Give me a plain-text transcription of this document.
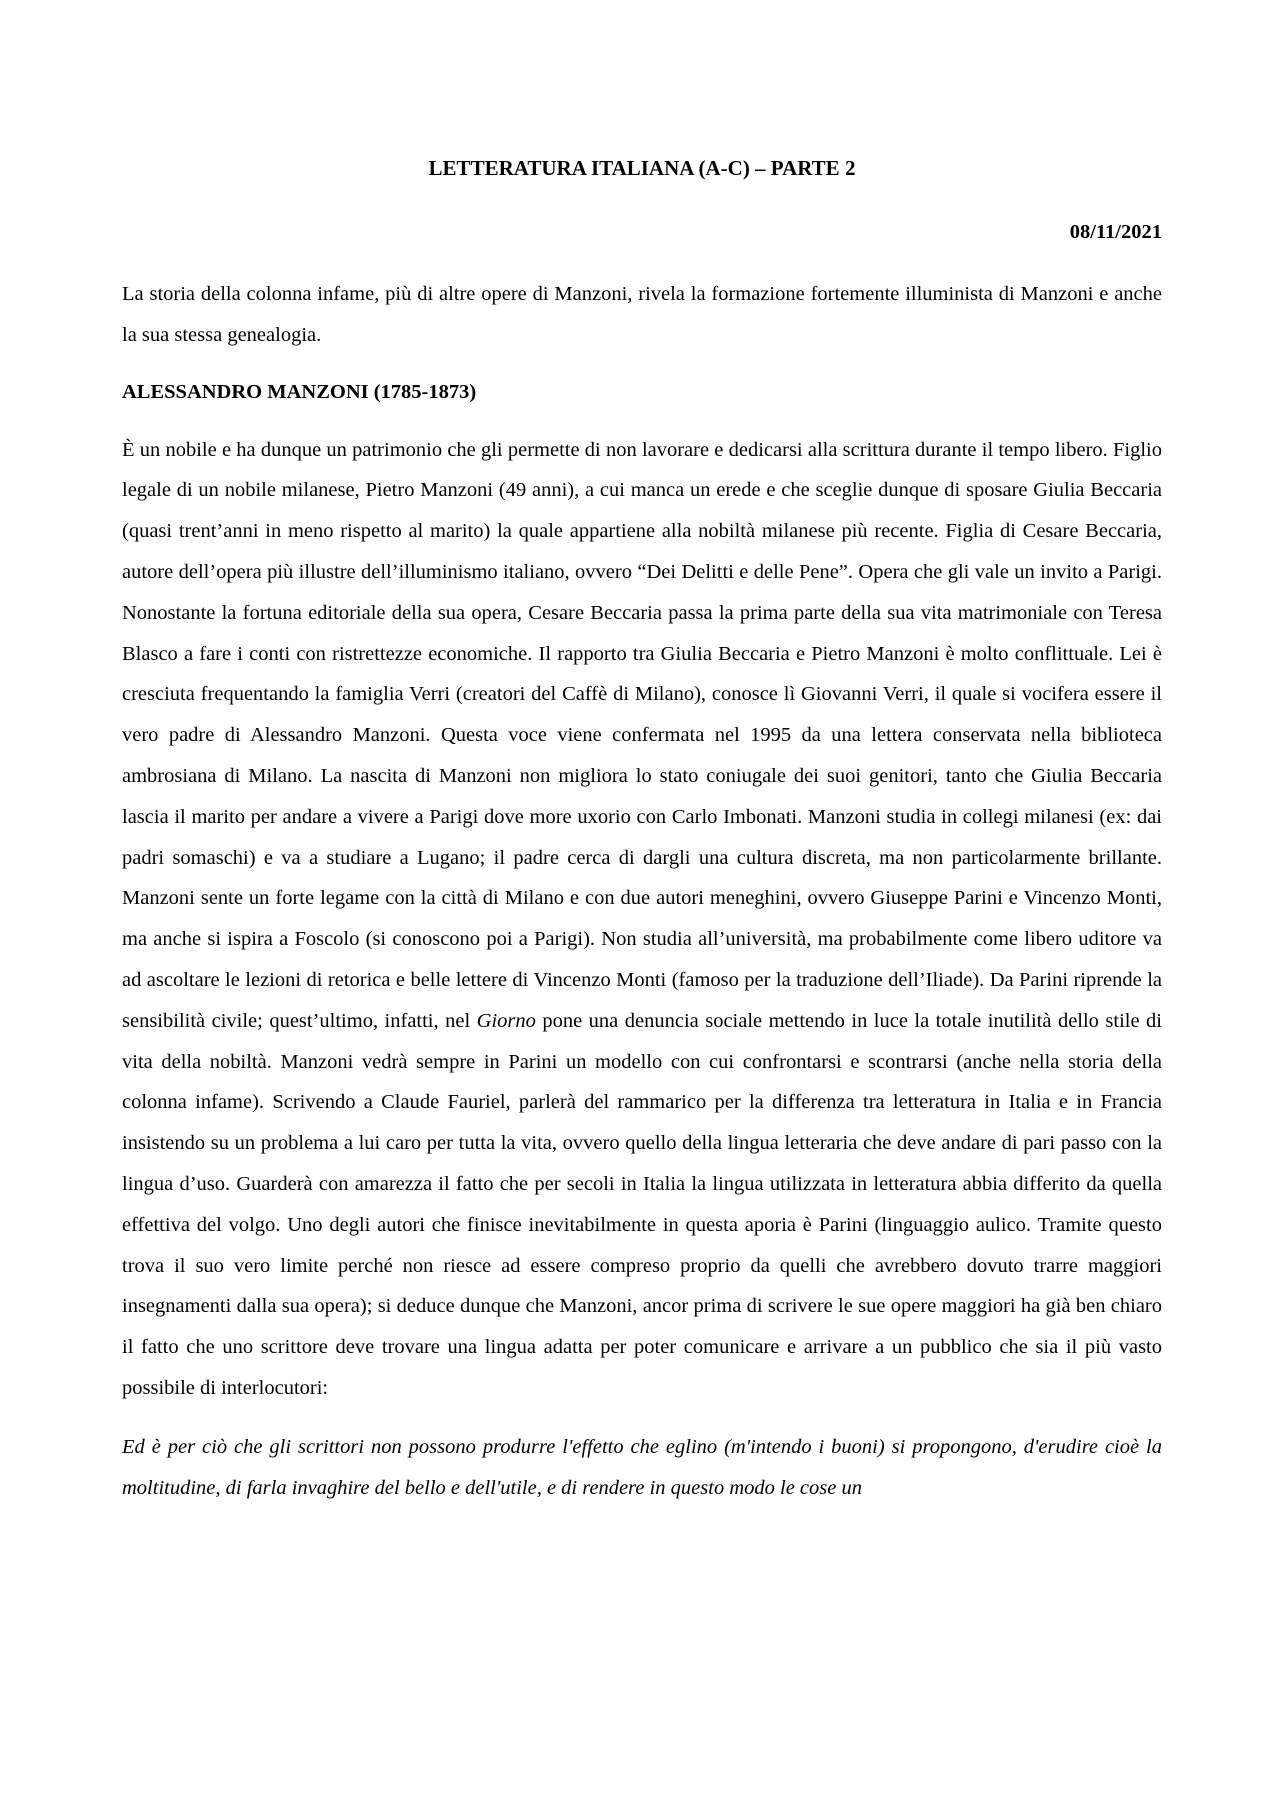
LETTERATURA ITALIANA (A-C) – PARTE 2
08/11/2021

La storia della colonna infame, più di altre opere di Manzoni, rivela la formazione fortemente illuminista di Manzoni e anche la sua stessa genealogia.

ALESSANDRO MANZONI (1785-1873)

È un nobile e ha dunque un patrimonio che gli permette di non lavorare e dedicarsi alla scrittura durante il tempo libero. Figlio legale di un nobile milanese, Pietro Manzoni (49 anni), a cui manca un erede e che sceglie dunque di sposare Giulia Beccaria (quasi trent’anni in meno rispetto al marito) la quale appartiene alla nobiltà milanese più recente. Figlia di Cesare Beccaria, autore dell’opera più illustre dell’illuminismo italiano, ovvero “Dei Delitti e delle Pene”. Opera che gli vale un invito a Parigi. Nonostante la fortuna editoriale della sua opera, Cesare Beccaria passa la prima parte della sua vita matrimoniale con Teresa Blasco a fare i conti con ristrettezze economiche. Il rapporto tra Giulia Beccaria e Pietro Manzoni è molto conflittuale. Lei è cresciuta frequentando la famiglia Verri (creatori del Caffè di Milano), conosce lì Giovanni Verri, il quale si vocifera essere il vero padre di Alessandro Manzoni. Questa voce viene confermata nel 1995 da una lettera conservata nella biblioteca ambrosiana di Milano. La nascita di Manzoni non migliora lo stato coniugale dei suoi genitori, tanto che Giulia Beccaria lascia il marito per andare a vivere a Parigi dove more uxorio con Carlo Imbonati. Manzoni studia in collegi milanesi (ex: dai padri somaschi) e va a studiare a Lugano; il padre cerca di dargli una cultura discreta, ma non particolarmente brillante. Manzoni sente un forte legame con la città di Milano e con due autori meneghini, ovvero Giuseppe Parini e Vincenzo Monti, ma anche si ispira a Foscolo (si conoscono poi a Parigi). Non studia all’università, ma probabilmente come libero uditore va ad ascoltare le lezioni di retorica e belle lettere di Vincenzo Monti (famoso per la traduzione dell’Iliade). Da Parini riprende la sensibilità civile; quest’ultimo, infatti, nel Giorno pone una denuncia sociale mettendo in luce la totale inutilità dello stile di vita della nobiltà. Manzoni vedrà sempre in Parini un modello con cui confrontarsi e scontrarsi (anche nella storia della colonna infame). Scrivendo a Claude Fauriel, parlerà del rammarico per la differenza tra letteratura in Italia e in Francia insistendo su un problema a lui caro per tutta la vita, ovvero quello della lingua letteraria che deve andare di pari passo con la lingua d’uso. Guarderà con amarezza il fatto che per secoli in Italia la lingua utilizzata in letteratura abbia differito da quella effettiva del volgo. Uno degli autori che finisce inevitabilmente in questa aporia è Parini (linguaggio aulico. Tramite questo trova il suo vero limite perché non riesce ad essere compreso proprio da quelli che avrebbero dovuto trarre maggiori insegnamenti dalla sua opera); si deduce dunque che Manzoni, ancor prima di scrivere le sue opere maggiori ha già ben chiaro il fatto che uno scrittore deve trovare una lingua adatta per poter comunicare e arrivare a un pubblico che sia il più vasto possibile di interlocutori:

Ed è per ciò che gli scrittori non possono produrre l'effetto che eglino (m'intendo i buoni) si propongono, d'erudire cioè la moltitudine, di farla invaghire del bello e dell'utile, e di rendere in questo modo le cose un
